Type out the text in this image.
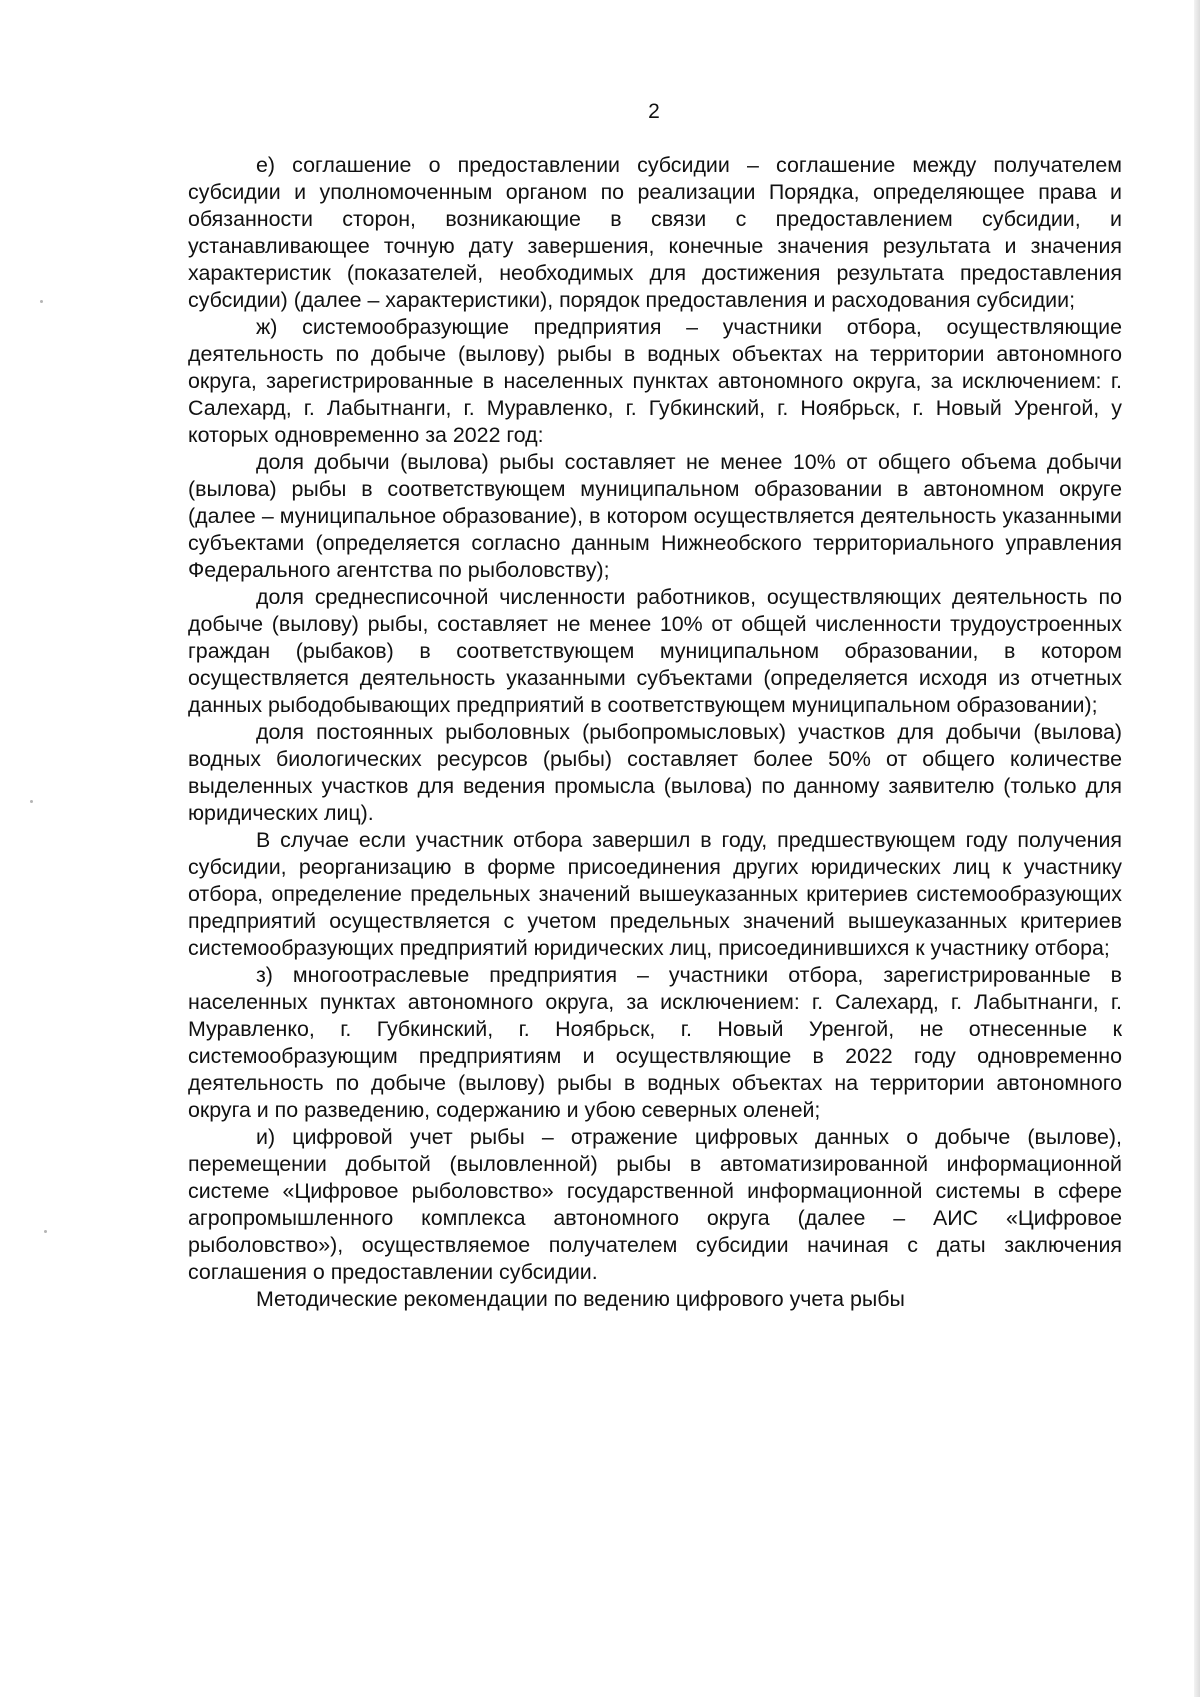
2

е) соглашение о предоставлении субсидии – соглашение между получателем субсидии и уполномоченным органом по реализации Порядка, определяющее права и обязанности сторон, возникающие в связи с предоставлением субсидии, и устанавливающее точную дату завершения, конечные значения результата и значения характеристик (показателей, необходимых для достижения результата предоставления субсидии) (далее – характеристики), порядок предоставления и расходования субсидии;

ж) системообразующие предприятия – участники отбора, осуществляющие деятельность по добыче (вылову) рыбы в водных объектах на территории автономного округа, зарегистрированные в населенных пунктах автономного округа, за исключением: г. Салехард, г. Лабытнанги, г. Муравленко, г. Губкинский, г. Ноябрьск, г. Новый Уренгой, у которых одновременно за 2022 год:

доля добычи (вылова) рыбы составляет не менее 10% от общего объема добычи (вылова) рыбы в соответствующем муниципальном образовании в автономном округе (далее – муниципальное образование), в котором осуществляется деятельность указанными субъектами (определяется согласно данным Нижнеобского территориального управления Федерального агентства по рыболовству);

доля среднесписочной численности работников, осуществляющих деятельность по добыче (вылову) рыбы, составляет не менее 10% от общей численности трудоустроенных граждан (рыбаков) в соответствующем муниципальном образовании, в котором осуществляется деятельность указанными субъектами (определяется исходя из отчетных данных рыбодобывающих предприятий в соответствующем муниципальном образовании);

доля постоянных рыболовных (рыбопромысловых) участков для добычи (вылова) водных биологических ресурсов (рыбы) составляет более 50% от общего количестве выделенных участков для ведения промысла (вылова) по данному заявителю (только для юридических лиц).

В случае если участник отбора завершил в году, предшествующем году получения субсидии, реорганизацию в форме присоединения других юридических лиц к участнику отбора, определение предельных значений вышеуказанных критериев системообразующих предприятий осуществляется с учетом предельных значений вышеуказанных критериев системообразующих предприятий юридических лиц, присоединившихся к участнику отбора;

з) многоотраслевые предприятия – участники отбора, зарегистрированные в населенных пунктах автономного округа, за исключением: г. Салехард, г. Лабытнанги, г. Муравленко, г. Губкинский, г. Ноябрьск, г. Новый Уренгой, не отнесенные к системообразующим предприятиям и осуществляющие в 2022 году одновременно деятельность по добыче (вылову) рыбы в водных объектах на территории автономного округа и по разведению, содержанию и убою северных оленей;

и) цифровой учет рыбы – отражение цифровых данных о добыче (вылове), перемещении добытой (выловленной) рыбы в автоматизированной информационной системе «Цифровое рыболовство» государственной информационной системы в сфере агропромышленного комплекса автономного округа (далее – АИС «Цифровое рыболовство»), осуществляемое получателем субсидии начиная с даты заключения соглашения о предоставлении субсидии.

Методические рекомендации по ведению цифрового учета рыбы
